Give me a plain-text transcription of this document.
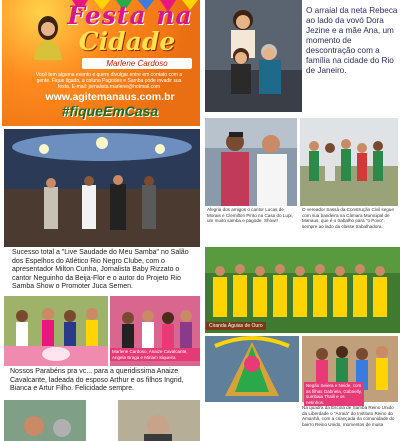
Festa na
Cidade
Marlene Cardoso
Você tem alguma evento e quere divulgar entre em contato com a gente. Fique ligado, a coluna Pagodes e Samba pode invadir sua festa. E-mail: jornalista.marlene@hotmail.com
www.agitemanaus.com.br
#fiqueEmCasa
Sucesso total a "Live Saudade do Meu Samba" no Salão dos Espelhos do Atlético Rio Negro Clube, com o apresentador Milton Cunha, Jornalista Baby Rizzato o cantor Neguinho da Beija-Flor e o autor do Projeto Rio Samba Show o Promoter Juca Semen.
Marlene Cardoso, Anaize Cavalcante, Angela Braga e Miriam Siqueira
Nossos Parabéns pra vc... para a queridissima Anaize Cavalcante, ladeada do esposo Arthur e os filhos Ingrid, Bianca e Artur Filho. Felicidade sempre.
O arraial da neta Rebeca ao lado da vovó Dora Jezine e a mãe Ana, um momento de descontração com a família na cidade do Rio de Janeiro.
Alegria dos amigos o cantor Lucas de Morais e Clemilton Pinto na Casa do Lupi, um muito samba e pagode. Show!!
O vereador Sassá da Construção Civil segue com sua bandeira na Câmara Municipal de Manaus, que é o trabalho para "o Povo", sempre ao lado da classe trabalhadora.
Ciranda Águias de Ouro
Negão Seiera e Neide, com as filhas Gabriela, Gabrielly, sumbaia Thaili e os netinhos.
Na quadra da Escola de Samba Reino Unido da Liberdade o "Arraiá" do Instituto Reino do Amanhã, com a criançada da comunidade do bairro Reino Unido, momentos de muita
